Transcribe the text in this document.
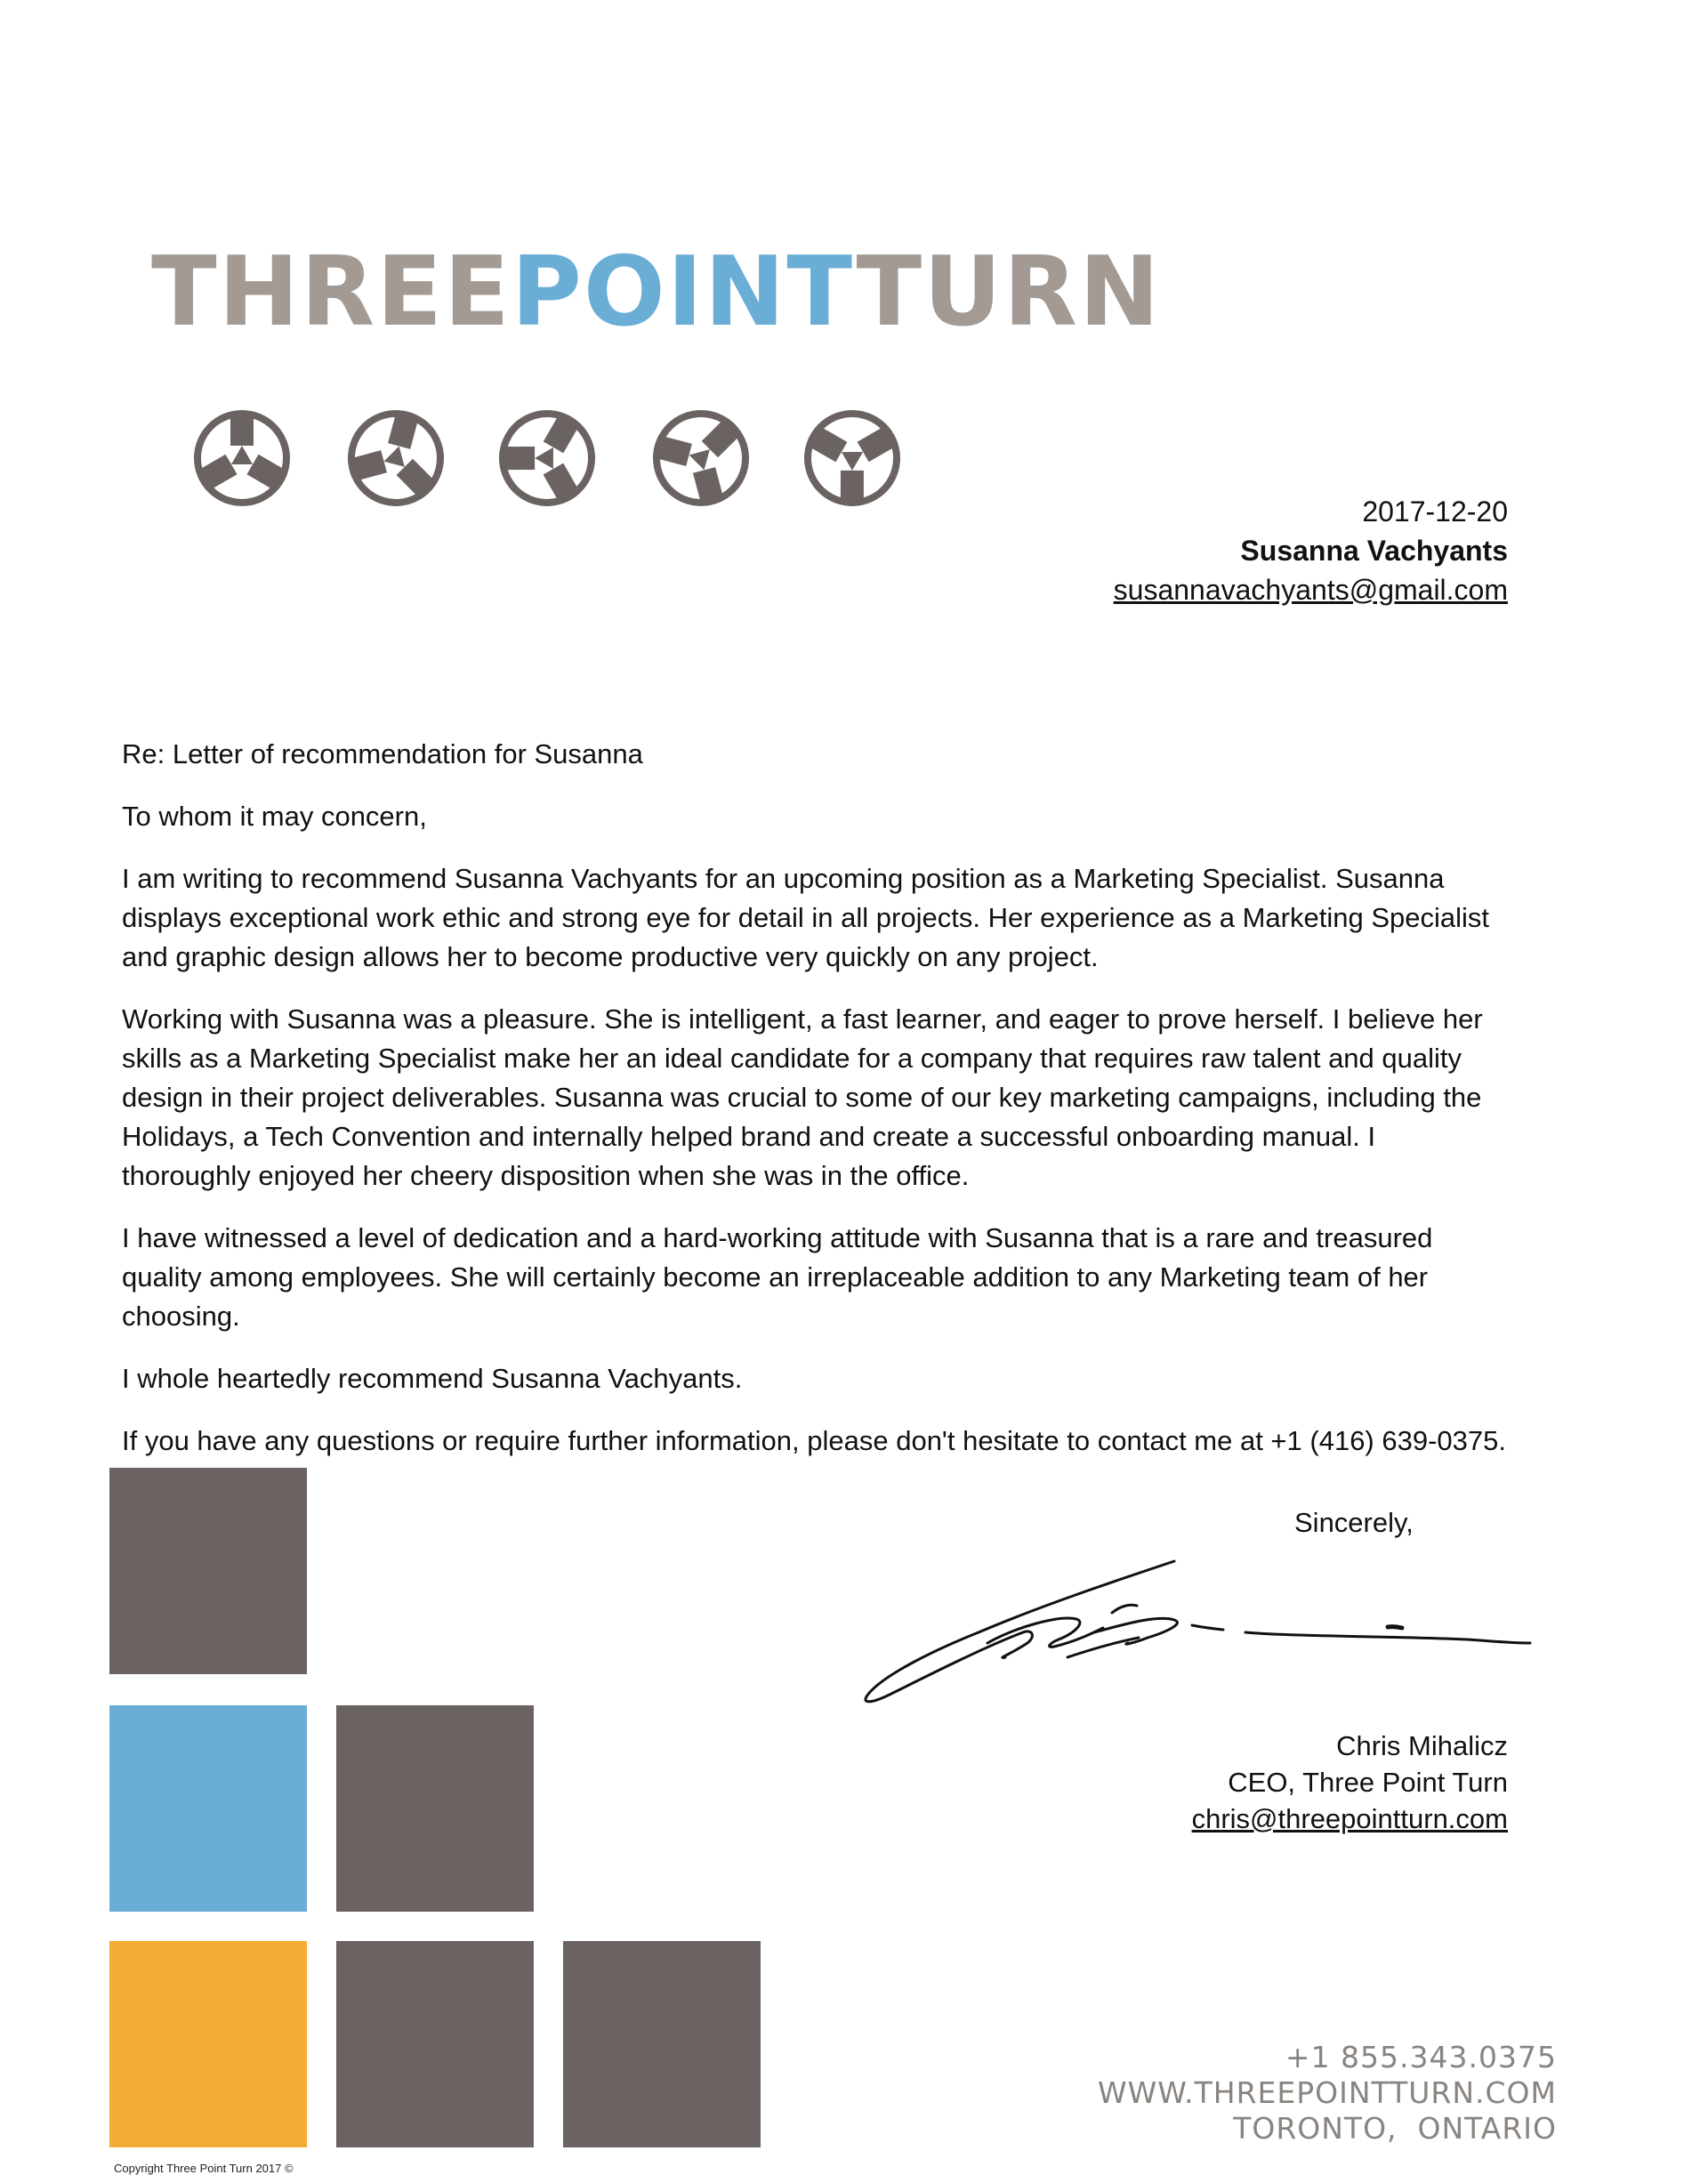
THREEPOINTTURN
2017-12-20
Susanna Vachyants
susannavachyants@gmail.com

Re: Letter of recommendation for Susanna

To whom it may concern,

I am writing to recommend Susanna Vachyants for an upcoming position as a Marketing Specialist. Susanna displays exceptional work ethic and strong eye for detail in all projects. Her experience as a Marketing Specialist and graphic design allows her to become productive very quickly on any project.

Working with Susanna was a pleasure. She is intelligent, a fast learner, and eager to prove herself. I believe her skills as a Marketing Specialist make her an ideal candidate for a company that requires raw talent and quality design in their project deliverables. Susanna was crucial to some of our key marketing campaigns, including the Holidays, a Tech Convention and internally helped brand and create a successful onboarding manual. I thoroughly enjoyed her cheery disposition when she was in the office.

I have witnessed a level of dedication and a hard-working attitude with Susanna that is a rare and treasured quality among employees. She will certainly become an irreplaceable addition to any Marketing team of her choosing.

I whole heartedly recommend Susanna Vachyants.

If you have any questions or require further information, please don't hesitate to contact me at +1 (416) 639-0375.

Sincerely,
Chris Mihalicz
CEO, Three Point Turn
chris@threepointturn.com
+1 855.343.0375
WWW.THREEPOINTTURN.COM
TORONTO,  ONTARIO
Copyright Three Point Turn 2017 ©
